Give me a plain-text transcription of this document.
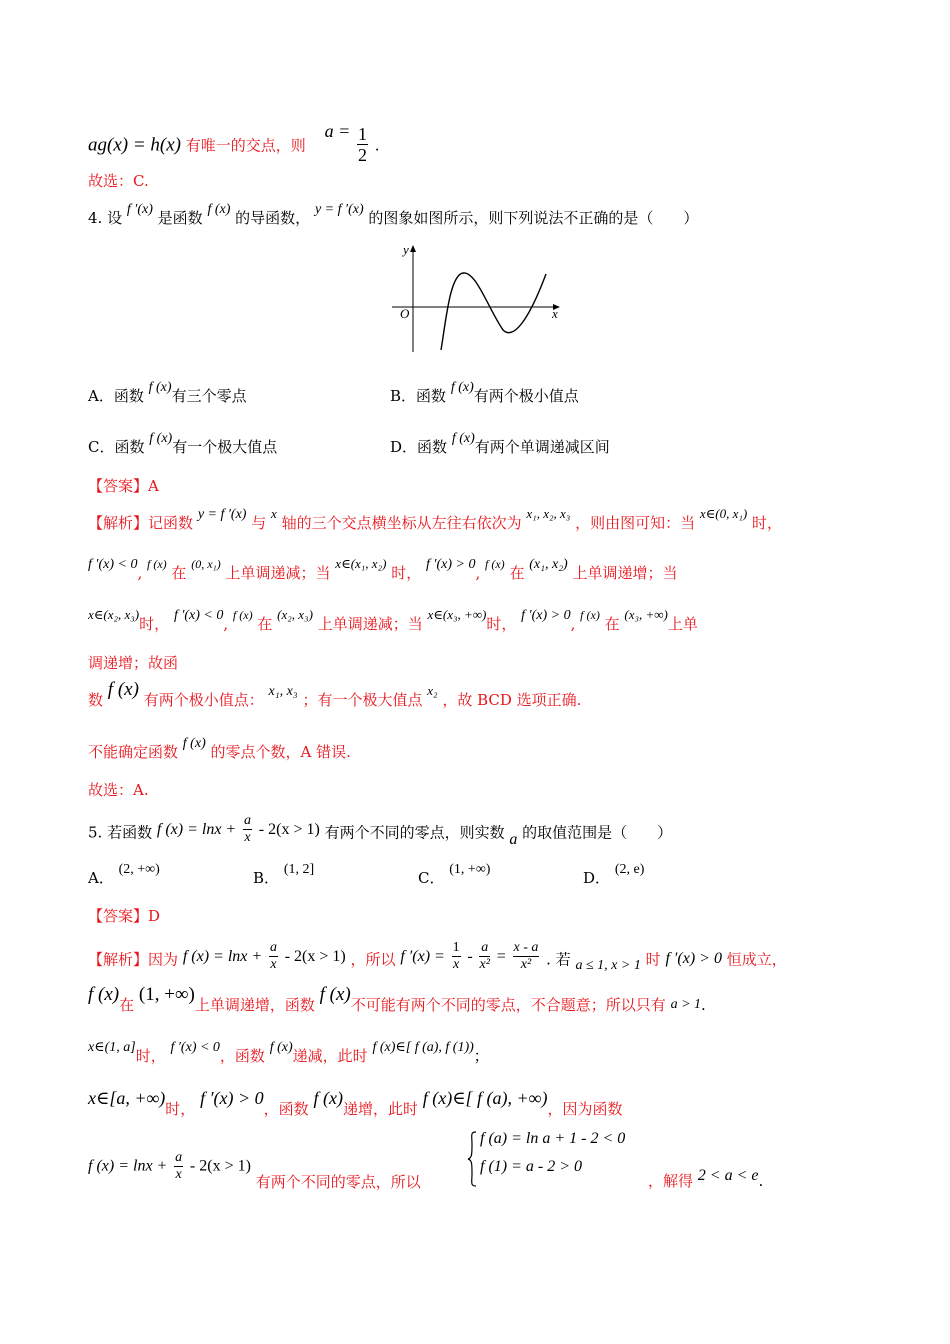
ag(x) = h(x) 有唯一的交点，则 $a = \frac{1}{2}$ .
故选：C.
4. 设 f ′(x) 是函数 f (x) 的导函数， y = f ′(x) 的图象如图所示，则下列说法不正确的是（　　）
y
x
O
A．函数 f (x)有三个零点	B．函数 f (x)有两个极小值点
C．函数 f (x)有一个极大值点	D．函数 f (x)有两个单调递减区间
【答案】A
【解析】记函数 y = f ′(x) 与 x 轴的三个交点横坐标从左往右依次为 x₁, x₂, x₃ ，则由图可知：当 x∈(0, x₁) 时，
f ′(x) < 0, $^{f (x)}$ 在 $^{(0, x_1)}$ 上单调递减；当 x∈(x₁, x₂) 时， f ′(x) > 0, $^{f (x)}$ 在 (x₁, x₂) 上单调递增；当
x∈(x₂, x₃)时， f ′(x) < 0, $^{f (x)}$ 在 (x₂, x₃) 上单调递减；当 x∈(x₃, +∞)时， f ′(x) > 0, $^{f (x)}$ 在 (x₃, +∞)上单
调递增；故函
数 f (x) 有两个极小值点： x₁, x₃ ；有一个极大值点 x₂ ，故 BCD 选项正确.
不能确定函数 f (x) 的零点个数，A 错误.
故选：A.
5. 若函数 f $(x) = \ln x + \frac{a}{x} - 2(x > 1)$ 有两个不同的零点，则实数 a 的取值范围是（　　）
A． (2, +∞)	B． (1, 2]	C． (1, +∞)	D． (2, e)
【答案】D
【解析】因为 f $(x) = \ln x + \frac{a}{x} - 2(x > 1)$ ，所以 f $'(x) = \frac{1}{x} - \frac{a}{\text{x²}} = \frac{x - a}{\text{x²}}$ . 若 a ≤ 1, x > 1 时 f ′(x) > 0 恒成立，
f (x)在 (1, +∞)上单调递增，函数 f (x)不可能有两个不同的零点，不合题意；所以只有 a > 1.
x∈(1, a]时， f ′(x) < 0，函数 f (x)递减，此时 f (x)∈[ f (a), f (1))；
x∈[a, +∞)时， f ′(x) > 0，函数 f (x)递增，此时 f (x)∈[ f (a), +∞)，因为函数
f $(x) = \ln x + \frac{a}{x} - 2(x > 1)$ 有两个不同的零点，所以
f (a) = ln a + 1 - 2 < 0
f (1) = a - 2 > 0
，解得 2 < a < e.
